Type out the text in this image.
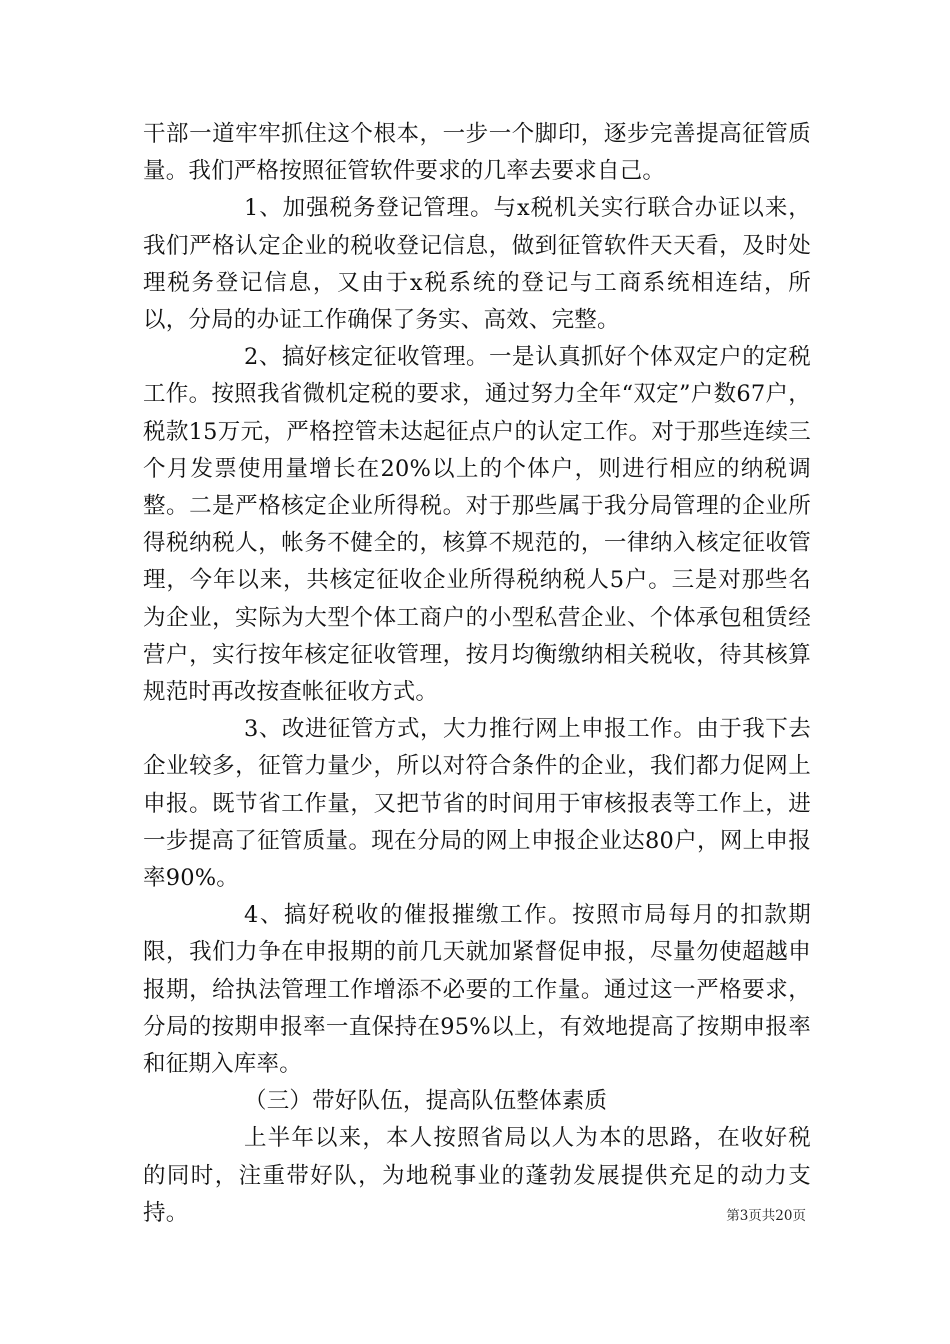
干部一道牢牢抓住这个根本，一步一个脚印，逐步完善提高征管质量。我们严格按照征管软件要求的几率去要求自己。

1、加强税务登记管理。与x税机关实行联合办证以来，我们严格认定企业的税收登记信息，做到征管软件天天看，及时处理税务登记信息，又由于x税系统的登记与工商系统相连结，所以，分局的办证工作确保了务实、高效、完整。

2、搞好核定征收管理。一是认真抓好个体双定户的定税工作。按照我省微机定税的要求，通过努力全年“双定”户数67户，税款15万元，严格控管未达起征点户的认定工作。对于那些连续三个月发票使用量增长在20%以上的个体户，则进行相应的纳税调整。二是严格核定企业所得税。对于那些属于我分局管理的企业所得税纳税人，帐务不健全的，核算不规范的，一律纳入核定征收管理，今年以来，共核定征收企业所得税纳税人5户。三是对那些名为企业，实际为大型个体工商户的小型私营企业、个体承包租赁经营户，实行按年核定征收管理，按月均衡缴纳相关税收，待其核算规范时再改按查帐征收方式。

3、改进征管方式，大力推行网上申报工作。由于我下去企业较多，征管力量少，所以对符合条件的企业，我们都力促网上申报。既节省工作量，又把节省的时间用于审核报表等工作上，进一步提高了征管质量。现在分局的网上申报企业达80户，网上申报率90%。

4、搞好税收的催报摧缴工作。按照市局每月的扣款期限，我们力争在申报期的前几天就加紧督促申报，尽量勿使超越申报期，给执法管理工作增添不必要的工作量。通过这一严格要求，分局的按期申报率一直保持在95%以上，有效地提高了按期申报率和征期入库率。

（三）带好队伍，提高队伍整体素质

上半年以来，本人按照省局以人为本的思路，在收好税的同时，注重带好队，为地税事业的蓬勃发展提供充足的动力支持。	第3页共20页
